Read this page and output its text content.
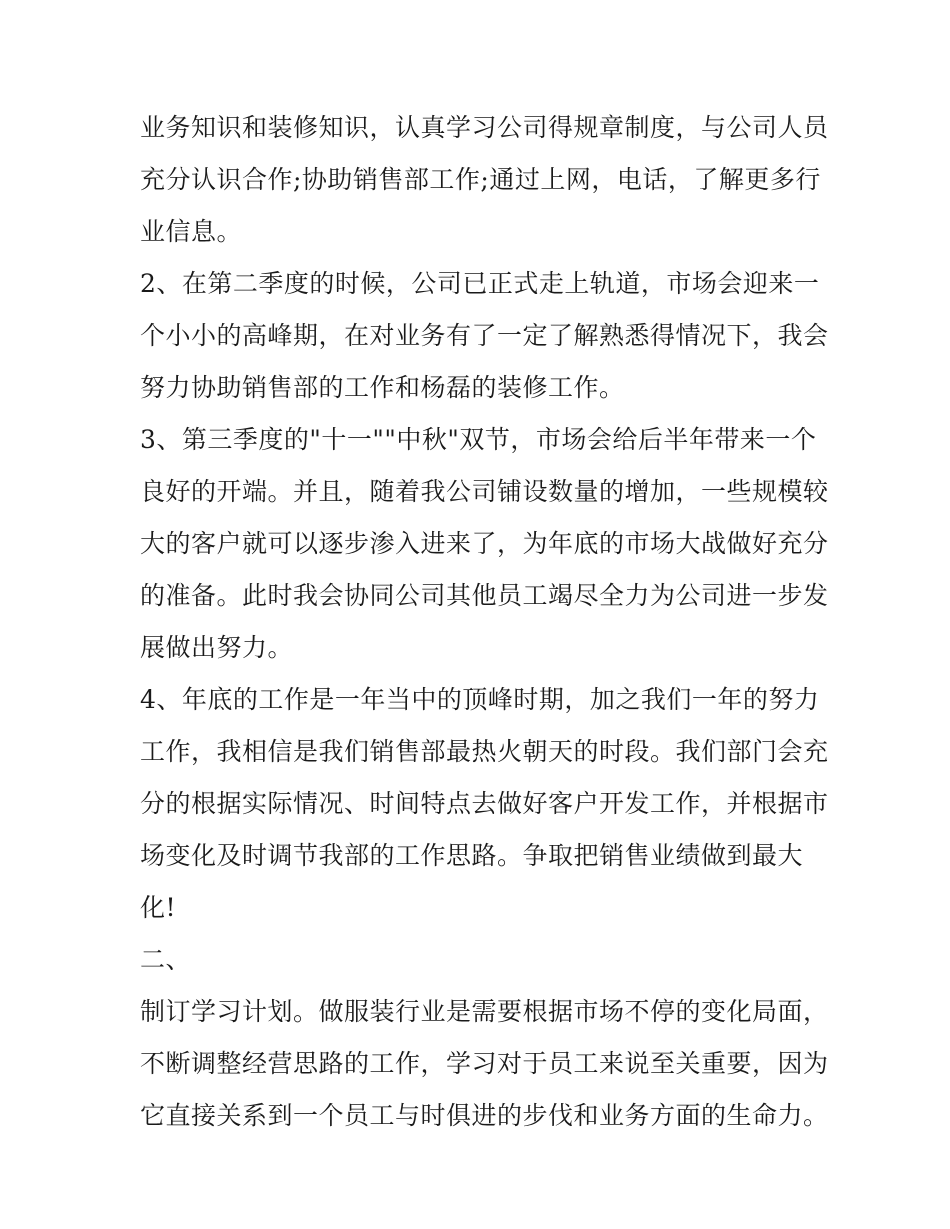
业务知识和装修知识，认真学习公司得规章制度，与公司人员
充分认识合作;协助销售部工作;通过上网，电话，了解更多行
业信息。
2、在第二季度的时候，公司已正式走上轨道，市场会迎来一
个小小的高峰期，在对业务有了一定了解熟悉得情况下，我会
努力协助销售部的工作和杨磊的装修工作。
3、第三季度的"十一""中秋"双节，市场会给后半年带来一个
良好的开端。并且，随着我公司铺设数量的增加，一些规模较
大的客户就可以逐步渗入进来了，为年底的市场大战做好充分
的准备。此时我会协同公司其他员工竭尽全力为公司进一步发
展做出努力。
4、年底的工作是一年当中的顶峰时期，加之我们一年的努力
工作，我相信是我们销售部最热火朝天的时段。我们部门会充
分的根据实际情况、时间特点去做好客户开发工作，并根据市
场变化及时调节我部的工作思路。争取把销售业绩做到最大
化!
二、
制订学习计划。做服装行业是需要根据市场不停的变化局面，
不断调整经营思路的工作，学习对于员工来说至关重要，因为
它直接关系到一个员工与时俱进的步伐和业务方面的生命力。
